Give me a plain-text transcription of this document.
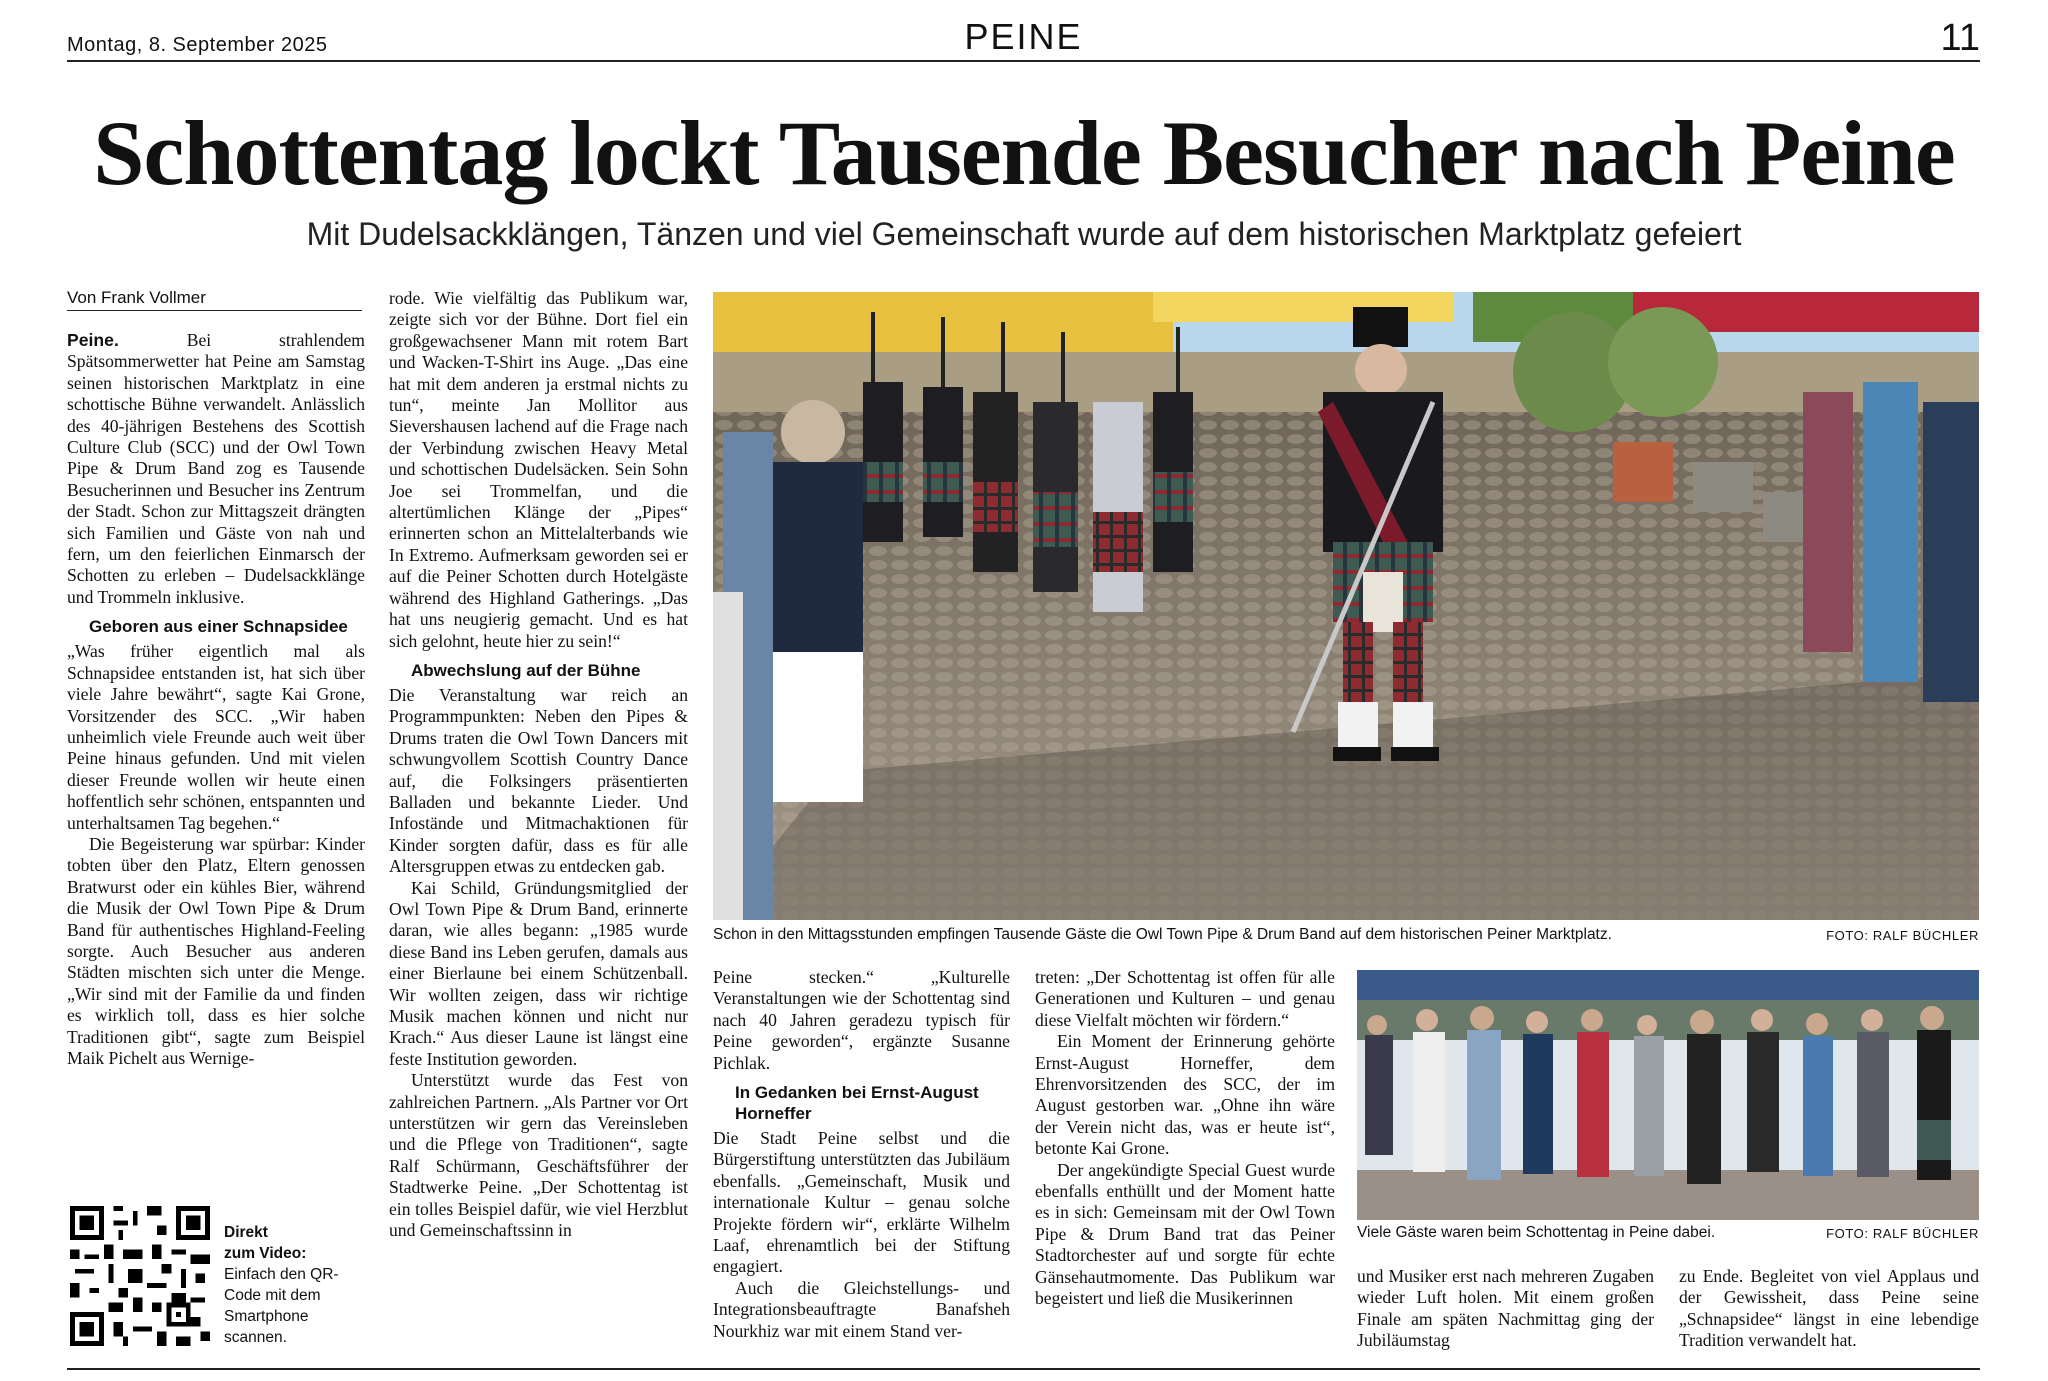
Montag, 8. September 2025	PEINE	11
Schottentag lockt Tausende Besucher nach Peine
Mit Dudelsackklängen, Tänzen und viel Gemeinschaft wurde auf dem historischen Marktplatz gefeiert
Von Frank Vollmer

Peine. Bei strahlendem Spätsommerwetter hat Peine am Samstag seinen historischen Marktplatz in eine schottische Bühne verwandelt. Anlässlich des 40-jährigen Bestehens des Scottish Culture Club (SCC) und der Owl Town Pipe & Drum Band zog es Tausende Besucherinnen und Besucher ins Zentrum der Stadt. Schon zur Mittagszeit drängten sich Familien und Gäste von nah und fern, um den feierlichen Einmarsch der Schotten zu erleben – Dudelsackklänge und Trommeln inklusive.

Geboren aus einer Schnapsidee

„Was früher eigentlich mal als Schnapsidee entstanden ist, hat sich über viele Jahre bewährt“, sagte Kai Grone, Vorsitzender des SCC. „Wir haben unheimlich viele Freunde auch weit über Peine hinaus gefunden. Und mit vielen dieser Freunde wollen wir heute einen hoffentlich sehr schönen, entspannten und unterhaltsamen Tag begehen.“

Die Begeisterung war spürbar: Kinder tobten über den Platz, Eltern genossen Bratwurst oder ein kühles Bier, während die Musik der Owl Town Pipe & Drum Band für authentisches Highland-Feeling sorgte. Auch Besucher aus anderen Städten mischten sich unter die Menge. „Wir sind mit der Familie da und finden es wirklich toll, dass es hier solche Traditionen gibt“, sagte zum Beispiel Maik Pichelt aus Wernige-

rode. Wie vielfältig das Publikum war, zeigte sich vor der Bühne. Dort fiel ein großgewachsener Mann mit rotem Bart und Wacken-T-Shirt ins Auge. „Das eine hat mit dem anderen ja erstmal nichts zu tun“, meinte Jan Mollitor aus Sievershausen lachend auf die Frage nach der Verbindung zwischen Heavy Metal und schottischen Dudelsäcken. Sein Sohn Joe sei Trommelfan, und die altertümlichen Klänge der „Pipes“ erinnerten schon an Mittelalterbands wie In Extremo. Aufmerksam geworden sei er auf die Peiner Schotten durch Hotelgäste während des Highland Gatherings. „Das hat uns neugierig gemacht. Und es hat sich gelohnt, heute hier zu sein!“

Abwechslung auf der Bühne

Die Veranstaltung war reich an Programmpunkten: Neben den Pipes & Drums traten die Owl Town Dancers mit schwungvollem Scottish Country Dance auf, die Folksingers präsentierten Balladen und bekannte Lieder. Und Infostände und Mitmachaktionen für Kinder sorgten dafür, dass es für alle Altersgruppen etwas zu entdecken gab.

Kai Schild, Gründungsmitglied der Owl Town Pipe & Drum Band, erinnerte daran, wie alles begann: „1985 wurde diese Band ins Leben gerufen, damals aus einer Bierlaune bei einem Schützenball. Wir wollten zeigen, dass wir richtige Musik machen können und nicht nur Krach.“ Aus dieser Laune ist längst eine feste Institution geworden.

Unterstützt wurde das Fest von zahlreichen Partnern. „Als Partner vor Ort unterstützen wir gern das Vereinsleben und die Pflege von Traditionen“, sagte Ralf Schürmann, Geschäftsführer der Stadtwerke Peine. „Der Schottentag ist ein tolles Beispiel dafür, wie viel Herzblut und Gemeinschaftssinn in

Schon in den Mittagsstunden empfingen Tausende Gäste die Owl Town Pipe & Drum Band auf dem historischen Peiner Marktplatz.	FOTO: RALF BÜCHLER

Peine stecken.“ „Kulturelle Veranstaltungen wie der Schottentag sind nach 40 Jahren geradezu typisch für Peine geworden“, ergänzte Susanne Pichlak.

In Gedanken bei Ernst-August Horneffer

Die Stadt Peine selbst und die Bürgerstiftung unterstützten das Jubiläum ebenfalls. „Gemeinschaft, Musik und internationale Kultur – genau solche Projekte fördern wir“, erklärte Wilhelm Laaf, ehrenamtlich bei der Stiftung engagiert.

Auch die Gleichstellungs- und Integrationsbeauftragte Banafsheh Nourkhiz war mit einem Stand ver-

treten: „Der Schottentag ist offen für alle Generationen und Kulturen – und genau diese Vielfalt möchten wir fördern.“

Ein Moment der Erinnerung gehörte Ernst-August Horneffer, dem Ehrenvorsitzenden des SCC, der im August gestorben war. „Ohne ihn wäre der Verein nicht das, was er heute ist“, betonte Kai Grone.

Der angekündigte Special Guest wurde ebenfalls enthüllt und der Moment hatte es in sich: Gemeinsam mit der Owl Town Pipe & Drum Band trat das Peiner Stadtorchester auf und sorgte für echte Gänsehautmomente. Das Publikum war begeistert und ließ die Musikerinnen

Viele Gäste waren beim Schottentag in Peine dabei.	FOTO: RALF BÜCHLER

und Musiker erst nach mehreren Zugaben wieder Luft holen. Mit einem großen Finale am späten Nachmittag ging der Jubiläumstag

zu Ende. Begleitet von viel Applaus und der Gewissheit, dass Peine seine „Schnapsidee“ längst in eine lebendige Tradition verwandelt hat.

Direkt
zum Video:
Einfach den QR-Code mit dem Smartphone scannen.
